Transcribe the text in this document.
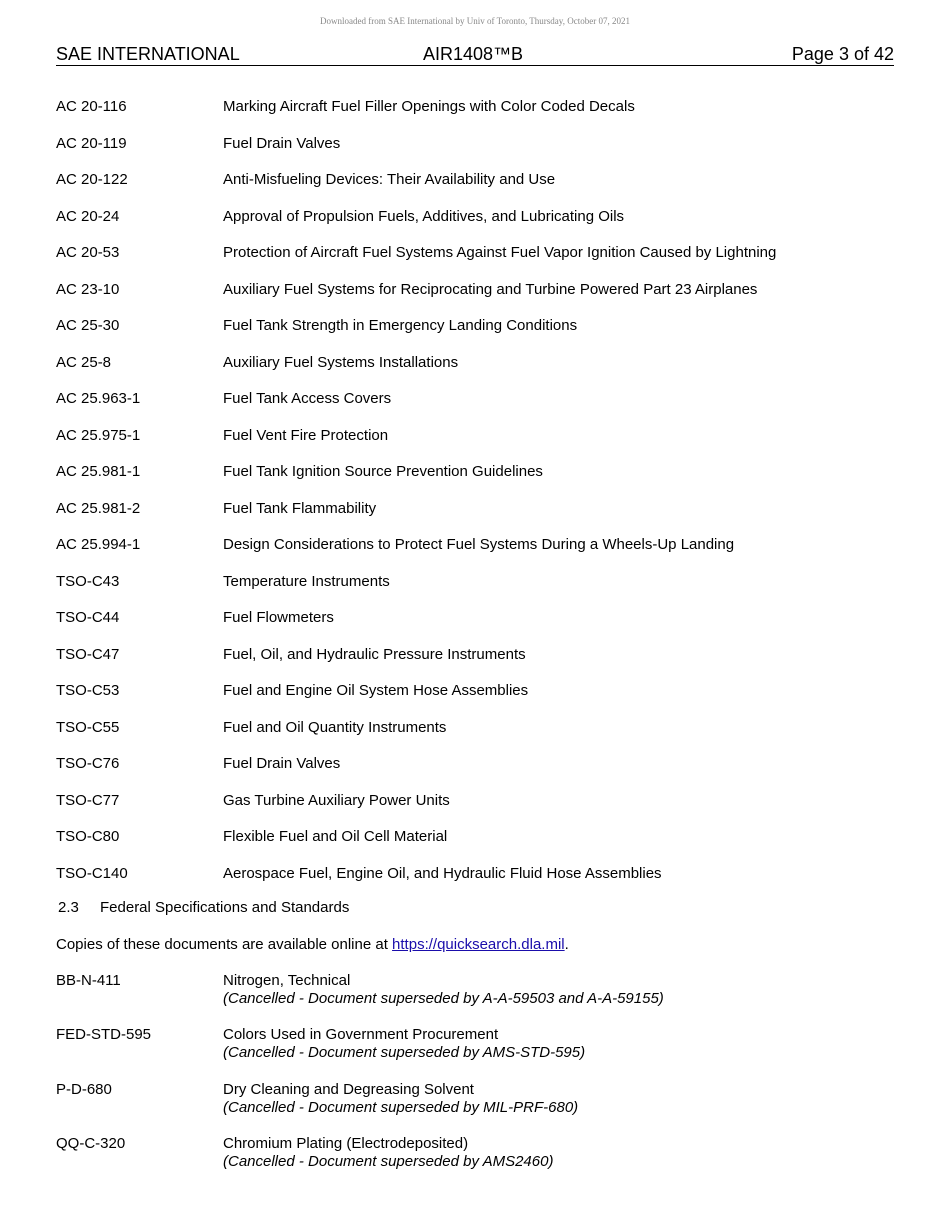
Downloaded from SAE International by Univ of Toronto, Thursday, October 07, 2021
SAE INTERNATIONAL	AIR1408™B	Page 3 of 42
AC 20-116	Marking Aircraft Fuel Filler Openings with Color Coded Decals
AC 20-119	Fuel Drain Valves
AC 20-122	Anti-Misfueling Devices: Their Availability and Use
AC 20-24	Approval of Propulsion Fuels, Additives, and Lubricating Oils
AC 20-53	Protection of Aircraft Fuel Systems Against Fuel Vapor Ignition Caused by Lightning
AC 23-10	Auxiliary Fuel Systems for Reciprocating and Turbine Powered Part 23 Airplanes
AC 25-30	Fuel Tank Strength in Emergency Landing Conditions
AC 25-8	Auxiliary Fuel Systems Installations
AC 25.963-1	Fuel Tank Access Covers
AC 25.975-1	Fuel Vent Fire Protection
AC 25.981-1	Fuel Tank Ignition Source Prevention Guidelines
AC 25.981-2	Fuel Tank Flammability
AC 25.994-1	Design Considerations to Protect Fuel Systems During a Wheels-Up Landing
TSO-C43	Temperature Instruments
TSO-C44	Fuel Flowmeters
TSO-C47	Fuel, Oil, and Hydraulic Pressure Instruments
TSO-C53	Fuel and Engine Oil System Hose Assemblies
TSO-C55	Fuel and Oil Quantity Instruments
TSO-C76	Fuel Drain Valves
TSO-C77	Gas Turbine Auxiliary Power Units
TSO-C80	Flexible Fuel and Oil Cell Material
TSO-C140	Aerospace Fuel, Engine Oil, and Hydraulic Fluid Hose Assemblies
2.3 Federal Specifications and Standards
Copies of these documents are available online at https://quicksearch.dla.mil.
BB-N-411	Nitrogen, Technical
(Cancelled - Document superseded by A-A-59503 and A-A-59155)
FED-STD-595	Colors Used in Government Procurement
(Cancelled - Document superseded by AMS-STD-595)
P-D-680	Dry Cleaning and Degreasing Solvent
(Cancelled - Document superseded by MIL-PRF-680)
QQ-C-320	Chromium Plating (Electrodeposited)
(Cancelled - Document superseded by AMS2460)
